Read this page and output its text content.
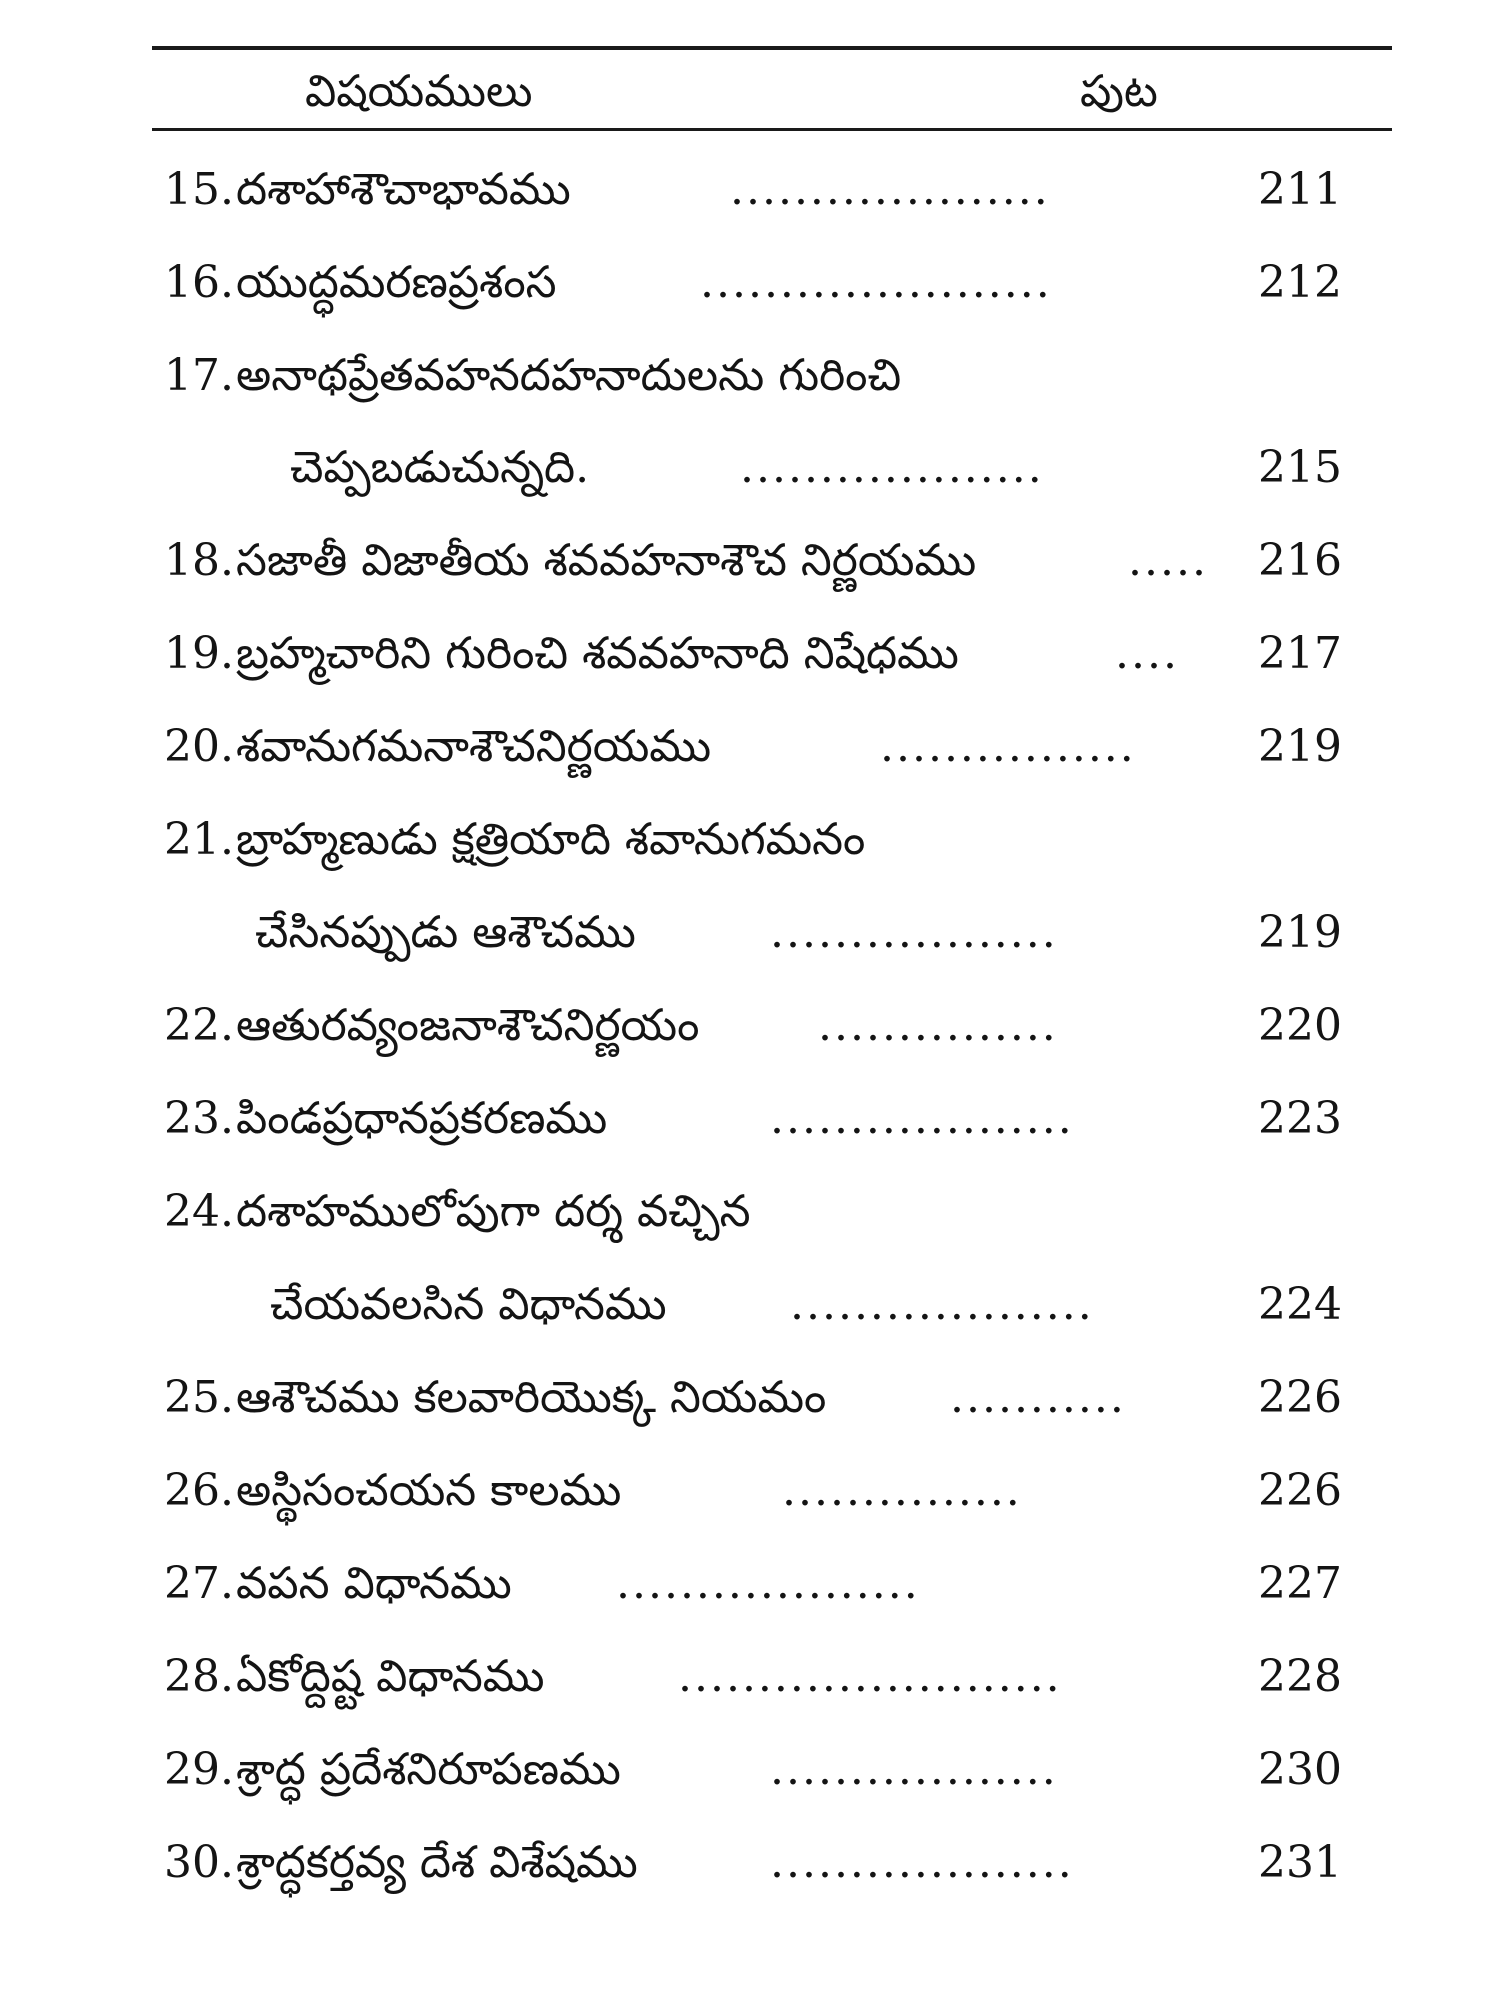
విషయములు	పుట
15. దశాహాశౌచాభావము	....................	211
16. యుద్ధమరణప్రశంస	......................	212
17. అనాథప్రేతవహనదహనాదులను గురించి
చెప్పబడుచున్నది.	...................	215
18. సజాతీ విజాతీయ శవవహనాశౌచ నిర్ణయము	.....	216
19. బ్రహ్మచారిని గురించి శవవహనాది నిషేధము	....	217
20. శవానుగమనాశౌచనిర్ణయము	................	219
21. బ్రాహ్మణుడు క్షత్రియాది శవానుగమనం
చేసినప్పుడు ఆశౌచము	..................	219
22. ఆతురవ్యంజనాశౌచనిర్ణయం	...............	220
23. పిండప్రధానప్రకరణము	...................	223
24. దశాహములోపుగా దర్శ వచ్చిన
చేయవలసిన విధానము	...................	224
25. ఆశౌచము కలవారియొక్క నియమం	...........	226
26. అస్థిసంచయన కాలము	...............	226
27. వపన విధానము ...................	227
28. ఏకోద్దిష్ట విధానము	........................	228
29. శ్రాద్ధ ప్రదేశనిరూపణము	..................	230
30. శ్రాద్ధకర్తవ్య దేశ విశేషము	...................	231
